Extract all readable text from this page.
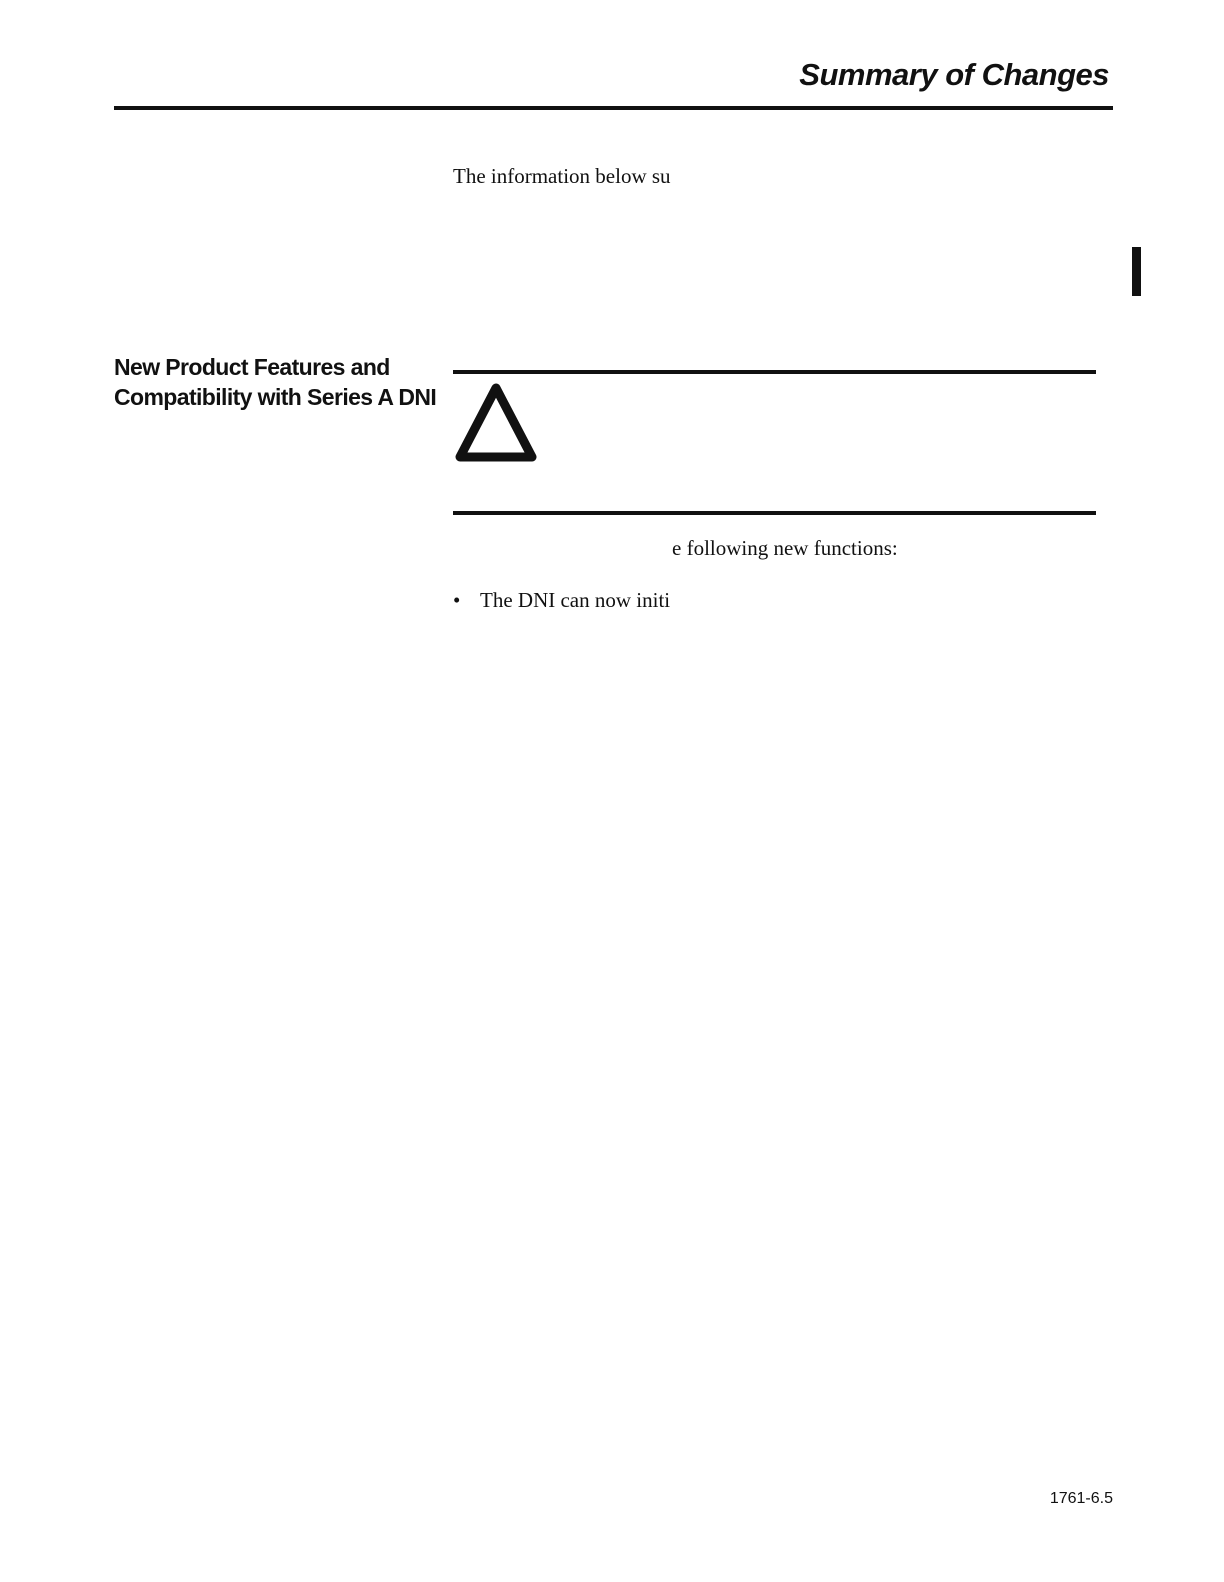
Summary of Changes

The information below su

New Product Features and
Compatibility with Series A DNI

e following new functions:

• The DNI can now initi

1761-6.5
